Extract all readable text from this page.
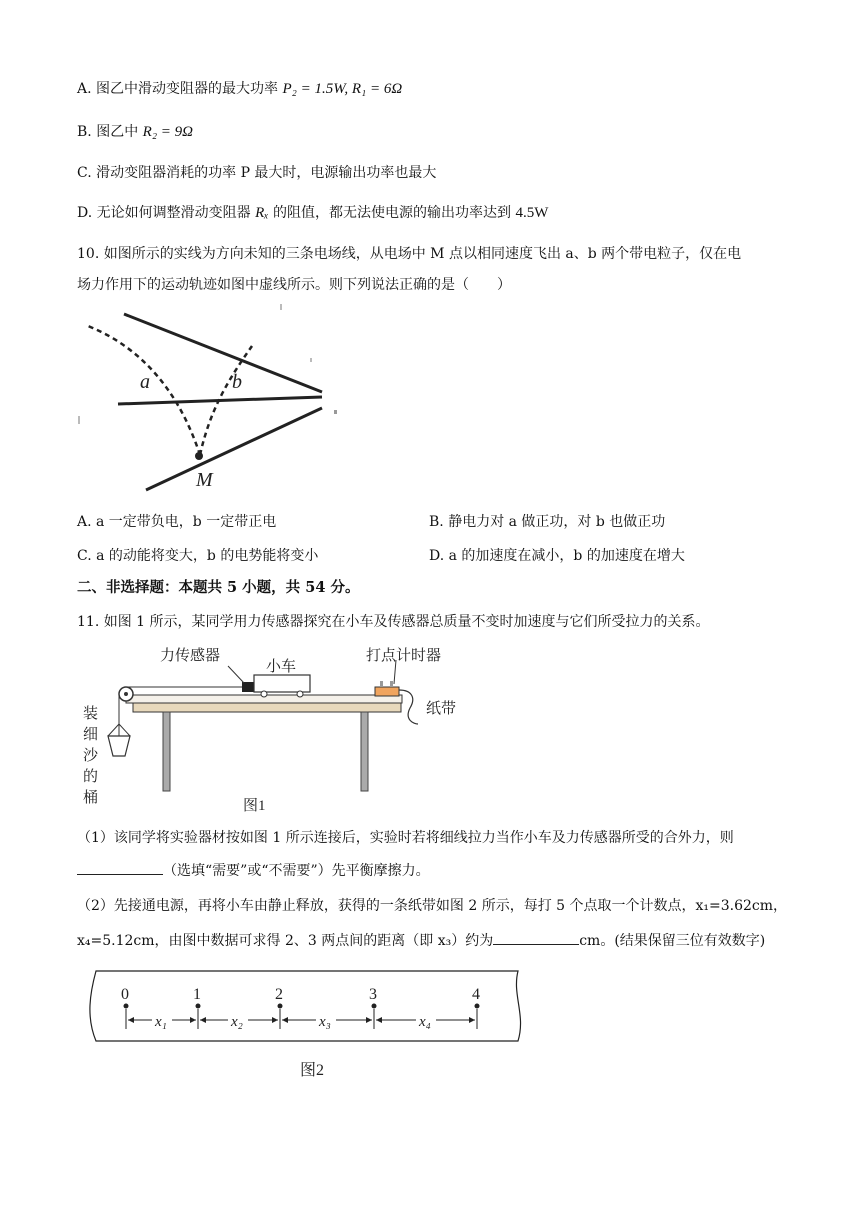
A. 图乙中滑动变阻器的最大功率 P₂ = 1.5W, R₁ = 6Ω
B. 图乙中 R₂ = 9Ω
C. 滑动变阻器消耗的功率 P 最大时，电源输出功率也最大
D. 无论如何调整滑动变阻器 Rₓ 的阻值，都无法使电源的输出功率达到 4.5W
10. 如图所示的实线为方向未知的三条电场线，从电场中 M 点以相同速度飞出 a、b 两个带电粒子，仅在电
场力作用下的运动轨迹如图中虚线所示。则下列说法正确的是（　　）
a	b
M
A. a 一定带负电，b 一定带正电	B. 静电力对 a 做正功，对 b 也做正功
C. a 的动能将变大，b 的电势能将变小	D. a 的加速度在减小，b 的加速度在增大
二、非选择题：本题共 5 小题，共 54 分。
11. 如图 1 所示，某同学用力传感器探究在小车及传感器总质量不变时加速度与它们所受拉力的关系。
力传感器
小车
打点计时器
纸带
装
细
沙
的
桶	图1
（1）该同学将实验器材按如图 1 所示连接后，实验时若将细线拉力当作小车及力传感器所受的合外力，则
（选填“需要”或“不需要”）先平衡摩擦力。
（2）先接通电源，再将小车由静止释放，获得的一条纸带如图 2 所示，每打 5 个点取一个计数点，x₁=3.62cm，
x₄=5.12cm，由图中数据可求得 2、3 两点间的距离（即 x₃）约为	cm。(结果保留三位有效数字)
0	1	2	3	4
x₁	x₂	x₃	x₄
图2
